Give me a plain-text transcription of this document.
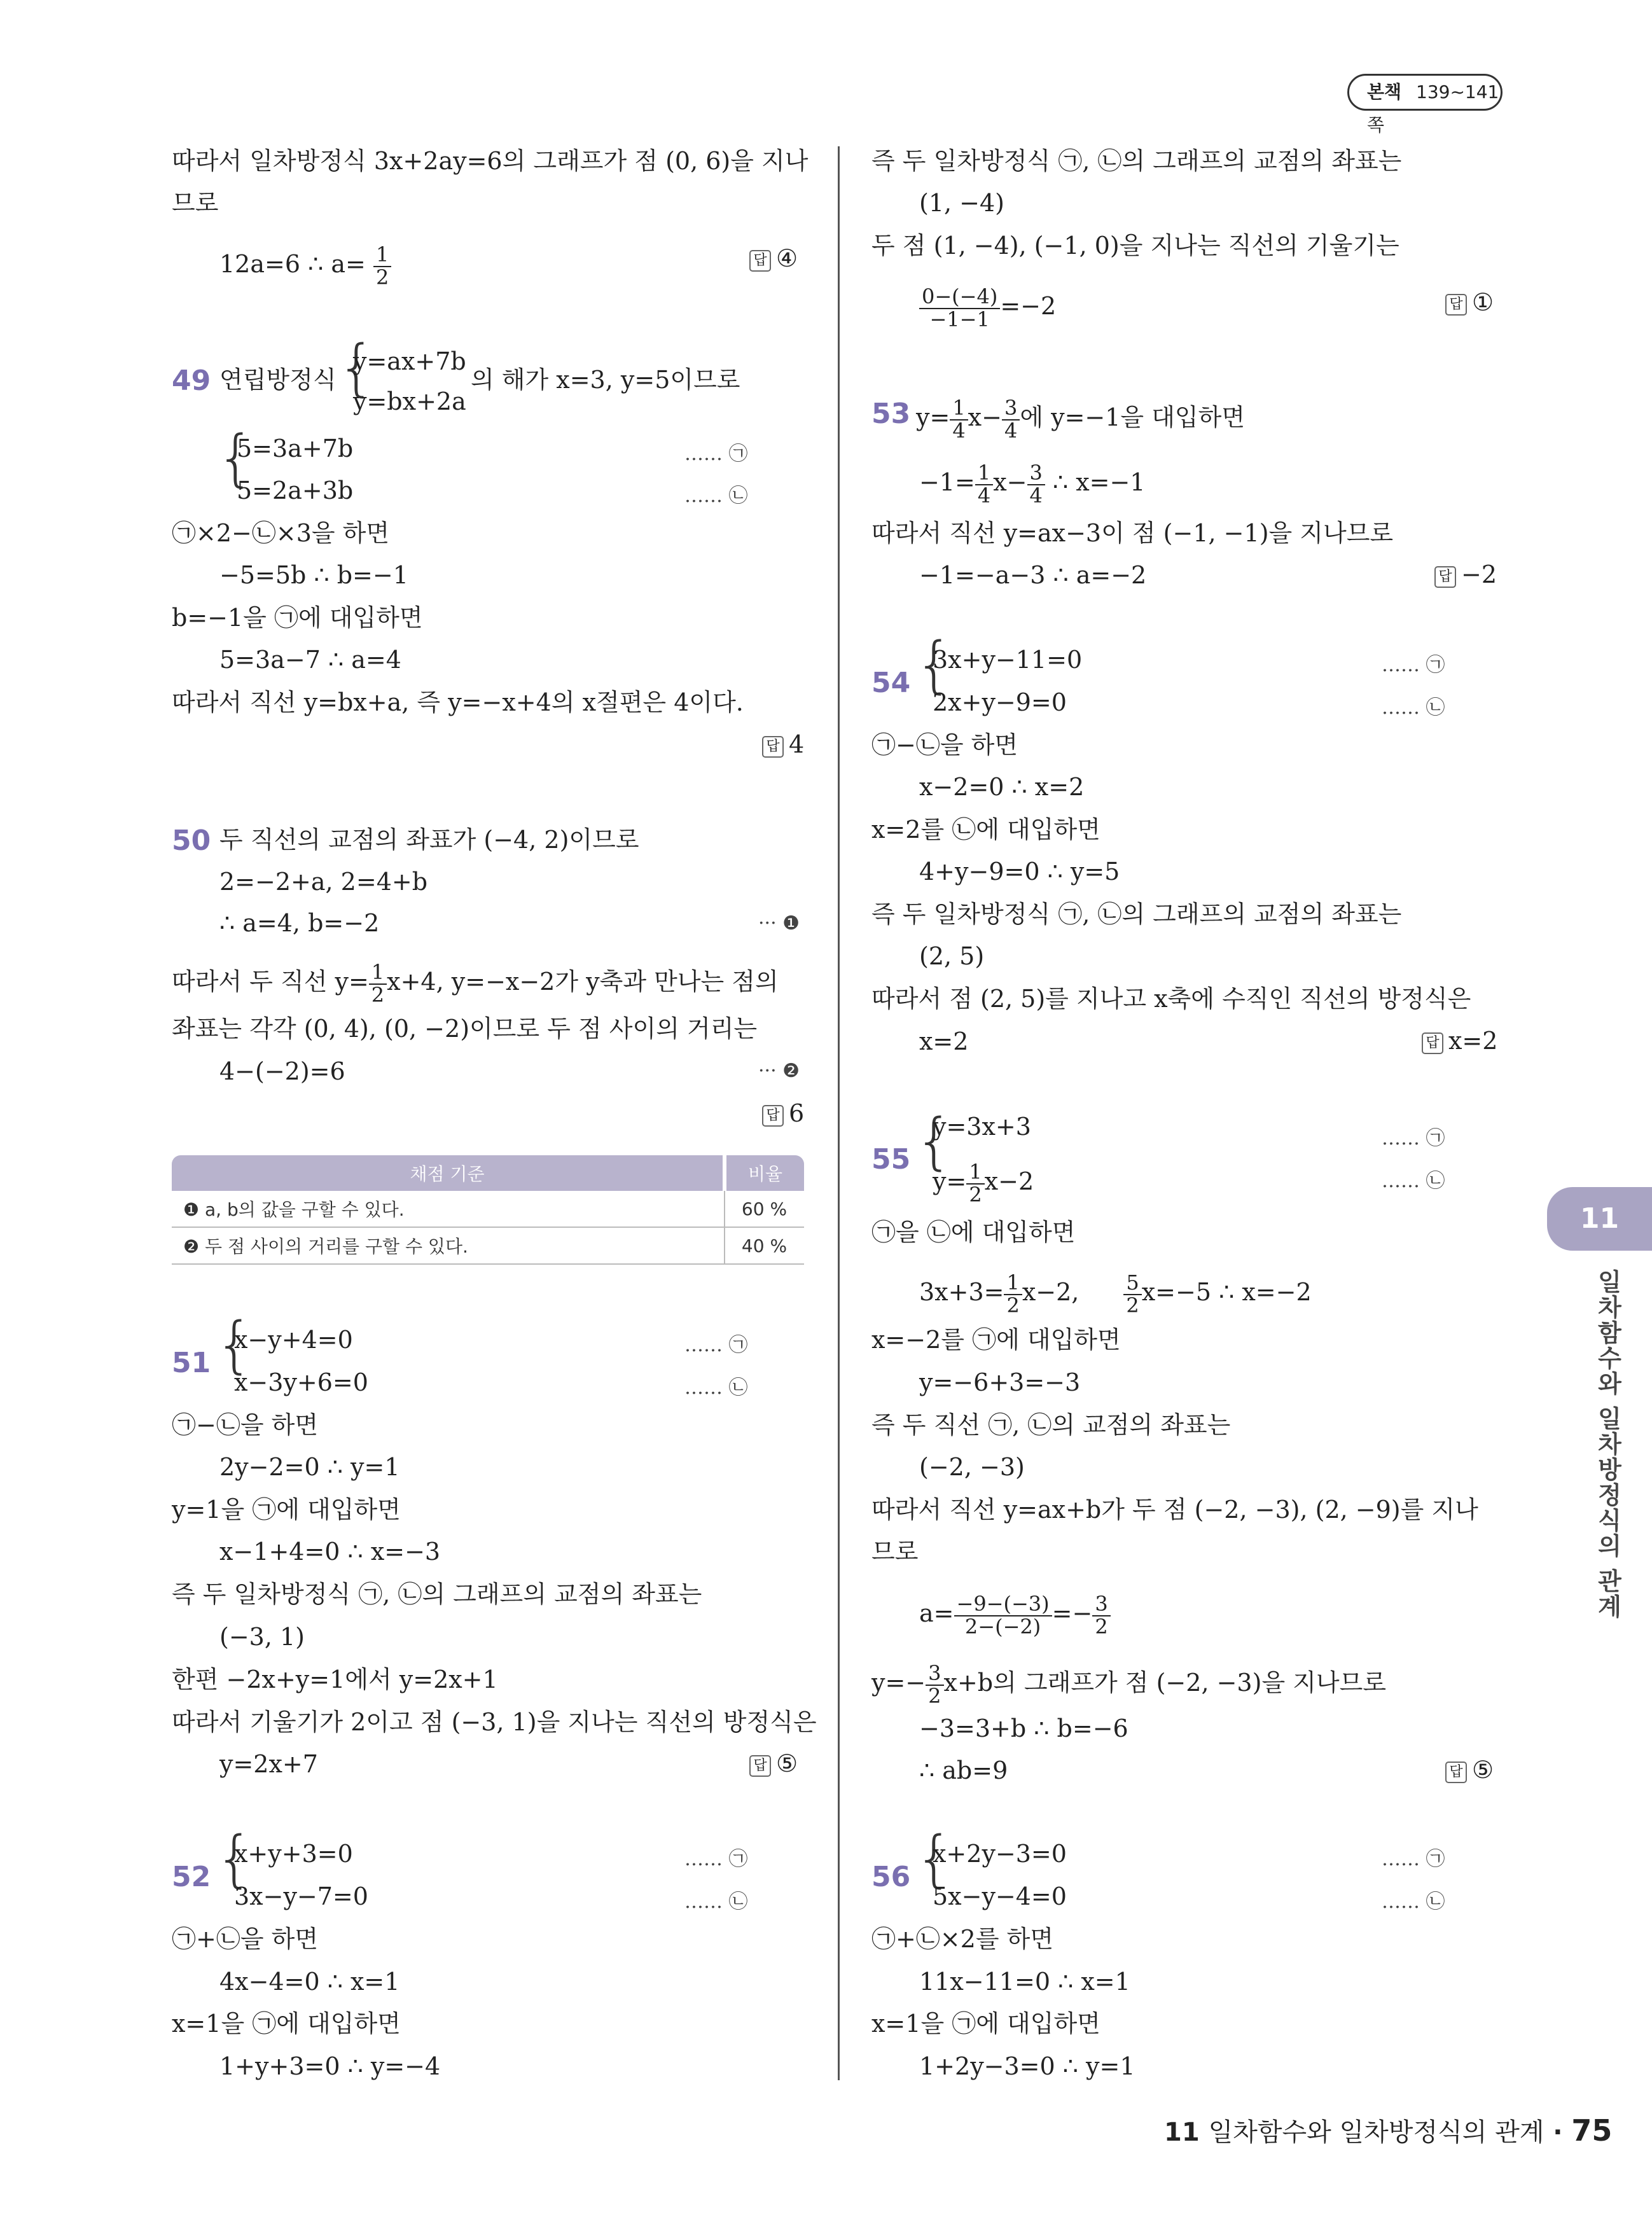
본책 139~141쪽
따라서 일차방정식 3x+2ay=6의 그래프가 점 (0, 6)을 지나
므로
12a=6 ∴ $a= \frac{1}{2}$	답 ④
49 연립방정식 {
y=ax+7b
y=bx+2a
의 해가 x=3, y=5이므로
{
5=3a+7b
5=2a+3b
…… ㉠
…… ㉡
㉠×2−㉡×3을 하면
−5=5b ∴ b=−1
b=−1을 ㉠에 대입하면
5=3a−7 ∴ a=4
따라서 직선 y=bx+a, 즉 y=−x+4의 x절편은 4이다.
답 4
50 두 직선의 교점의 좌표가 (−4, 2)이므로
2=−2+a, 2=4+b
∴ a=4, b=−2	··· ❶
따라서 두 직선 $y= \frac{1}{2} x+4$, y=−x−2가 y축과 만나는 점의
좌표는 각각 (0, 4), (0, −2)이므로 두 점 사이의 거리는
4−(−2)=6	··· ❷
답 6
채점 기준	비율
❶ a, b의 값을 구할 수 있다.	60 %
❷ 두 점 사이의 거리를 구할 수 있다.	40 %
51 {
x−y+4=0
x−3y+6=0
…… ㉠
…… ㉡
㉠−㉡을 하면
2y−2=0 ∴ y=1
y=1을 ㉠에 대입하면
x−1+4=0 ∴ x=−3
즉 두 일차방정식 ㉠, ㉡의 그래프의 교점의 좌표는
(−3, 1)
한편 −2x+y=1에서 y=2x+1
따라서 기울기가 2이고 점 (−3, 1)을 지나는 직선의 방정식은
y=2x+7	답 ⑤
52 {
x+y+3=0
3x−y−7=0
…… ㉠
…… ㉡
㉠+㉡을 하면
4x−4=0 ∴ x=1
x=1을 ㉠에 대입하면
1+y+3=0 ∴ y=−4
즉 두 일차방정식 ㉠, ㉡의 그래프의 교점의 좌표는
(1, −4)
두 점 (1, −4), (−1, 0)을 지나는 직선의 기울기는
$\frac{0-(-4)}{-1-1} =-2$	답 ①
53 $y= \frac{1}{4} x- \frac{3}{4}$ 에 y=−1을 대입하면
$-1= \frac{1}{4} x- \frac{3}{4}$ ∴ x=−1
따라서 직선 y=ax−3이 점 (−1, −1)을 지나므로
−1=−a−3 ∴ a=−2	답 −2
54 {
3x+y−11=0
2x+y−9=0
…… ㉠
…… ㉡
㉠−㉡을 하면
x−2=0 ∴ x=2
x=2를 ㉡에 대입하면
4+y−9=0 ∴ y=5
즉 두 일차방정식 ㉠, ㉡의 그래프의 교점의 좌표는
(2, 5)
따라서 점 (2, 5)를 지나고 x축에 수직인 직선의 방정식은
x=2	답 x=2
55 {
y=3x+3
$y= \frac{1}{2} x-2$
…… ㉠
…… ㉡
㉠을 ㉡에 대입하면
$3x+3= \frac{1}{2} x-2$, $\frac{5}{2} x=-5$ ∴ x=−2
x=−2를 ㉠에 대입하면
y=−6+3=−3
즉 두 직선 ㉠, ㉡의 교점의 좌표는
(−2, −3)
따라서 직선 y=ax+b가 두 점 (−2, −3), (2, −9)를 지나
므로
$a= \frac{-9-(-3)}{2-(-2)} =- \frac{3}{2}$
$y=- \frac{3}{2} x+b$의 그래프가 점 (−2, −3)을 지나므로
−3=3+b ∴ b=−6
∴ ab=9	답 ⑤
56 {
x+2y−3=0
5x−y−4=0
…… ㉠
…… ㉡
㉠+㉡×2를 하면
11x−11=0 ∴ x=1
x=1을 ㉠에 대입하면
1+2y−3=0 ∴ y=1
11
일차함수와 일차방정식의 관계
11 일차함수와 일차방정식의 관계 · 75
